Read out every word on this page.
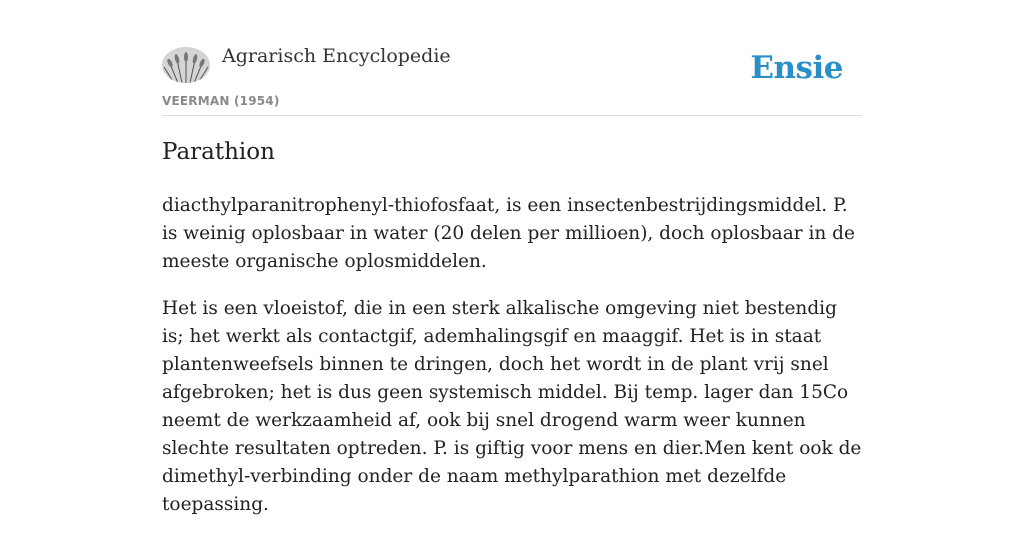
Agrarisch Encyclopedie
VEERMAN (1954)
Ensie
Parathion

diacthylparanitrophenyl-thiofosfaat, is een insectenbestrijdingsmiddel. P. is weinig oplosbaar in water (20 delen per millioen), doch oplosbaar in de meeste organische oplosmiddelen.

Het is een vloeistof, die in een sterk alkalische omgeving niet bestendig is; het werkt als contactgif, ademhalingsgif en maaggif. Het is in staat plantenweefsels binnen te dringen, doch het wordt in de plant vrij snel afgebroken; het is dus geen systemisch middel. Bij temp. lager dan 15Co neemt de werkzaamheid af, ook bij snel drogend warm weer kunnen slechte resultaten optreden. P. is giftig voor mens en dier.Men kent ook de dimethyl-verbinding onder de naam methylparathion met dezelfde toepassing.
